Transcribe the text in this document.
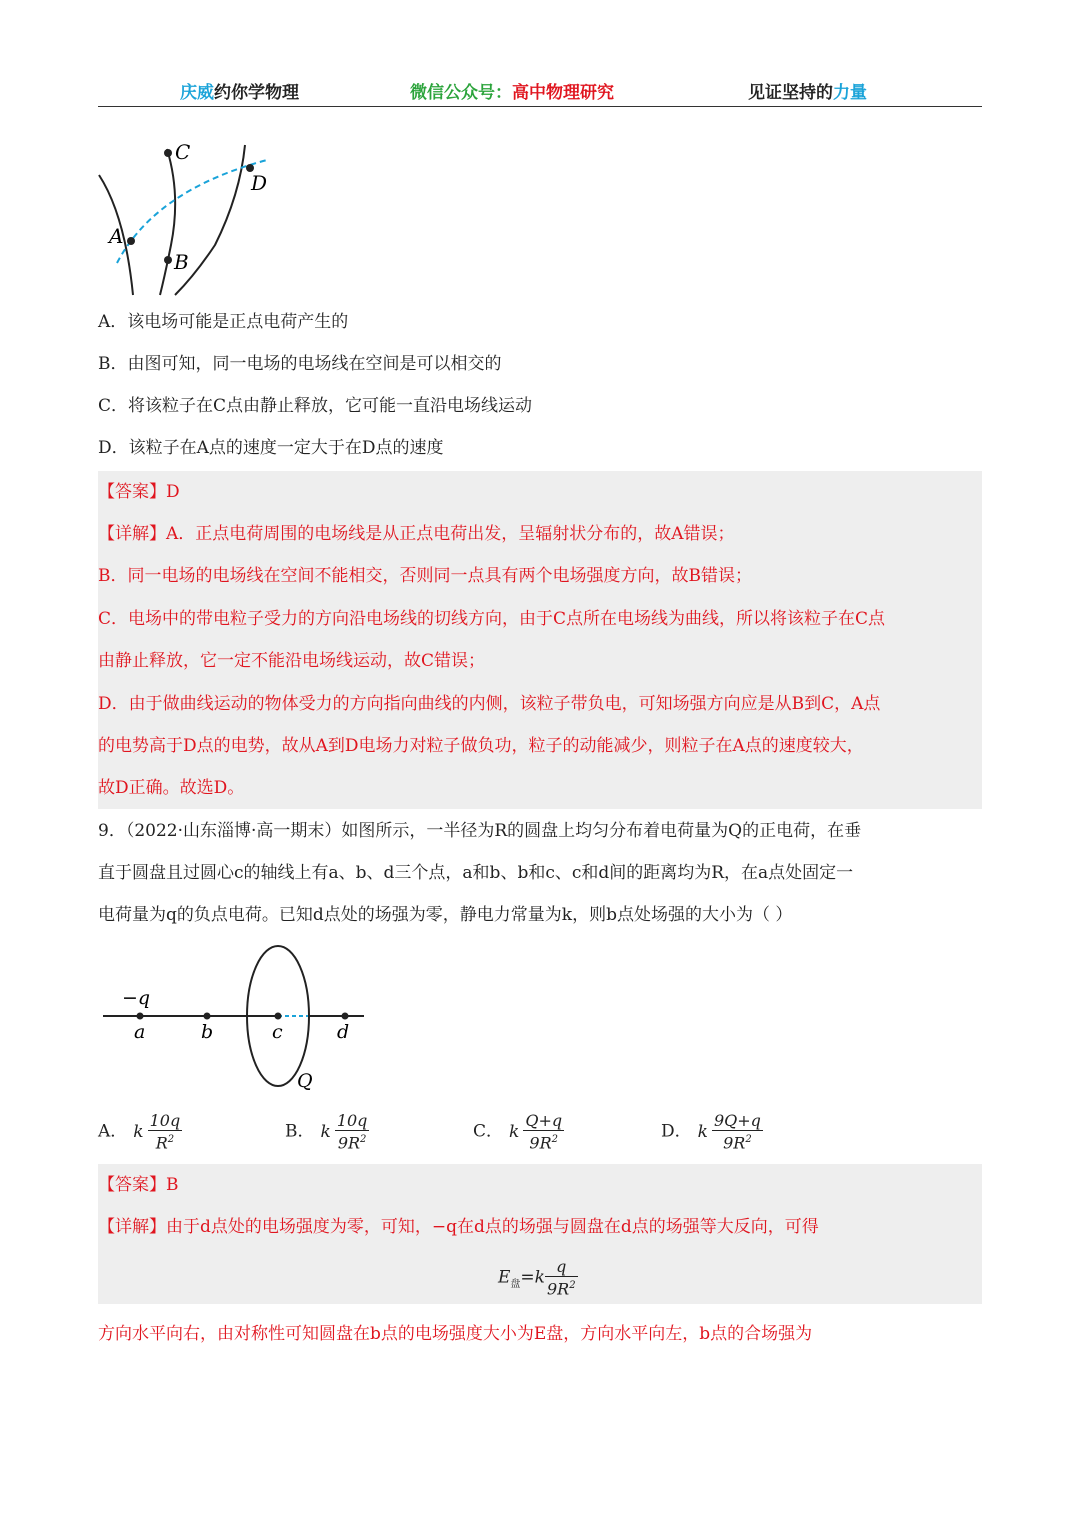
庆威约你学物理	微信公众号：高中物理研究	见证坚持的力量
C
D
A
B
A．该电场可能是正点电荷产生的
B．由图可知，同一电场的电场线在空间是可以相交的
C．将该粒子在C点由静止释放，它可能一直沿电场线运动
D．该粒子在A点的速度一定大于在D点的速度
【答案】D
【详解】A．正点电荷周围的电场线是从正点电荷出发，呈辐射状分布的，故A错误；
B．同一电场的电场线在空间不能相交，否则同一点具有两个电场强度方向，故B错误；
C．电场中的带电粒子受力的方向沿电场线的切线方向，由于C点所在电场线为曲线，所以将该粒子在C点
由静止释放，它一定不能沿电场线运动，故C错误；
D．由于做曲线运动的物体受力的方向指向曲线的内侧，该粒子带负电，可知场强方向应是从B到C，A点
的电势高于D点的电势，故从A到D电场力对粒子做负功，粒子的动能减少，则粒子在A点的速度较大，
故D正确。故选D。
9．（2022·山东淄博·高一期末）如图所示，一半径为R的圆盘上均匀分布着电荷量为Q的正电荷，在垂
直于圆盘且过圆心c的轴线上有a、b、d三个点，a和b、b和c、c和d间的距离均为R，在a点处固定一
电荷量为q的负点电荷。已知d点处的场强为零，静电力常量为k，则b点处场强的大小为（ ）
−q
a	b	c	d
Q
A． k $\frac{10q}{R^2}$	B． k $\frac{10q}{9R^2}$	C． k $\frac{Q+q}{9R^2}$	D． k $\frac{9Q+q}{9R^2}$
【答案】B
【详解】由于d点处的电场强度为零，可知，−q在d点的场强与圆盘在d点的场强等大反向，可得
$E_盘=k \frac{q}{9R^2}$
方向水平向右，由对称性可知圆盘在b点的电场强度大小为E盘，方向水平向左，b点的合场强为
